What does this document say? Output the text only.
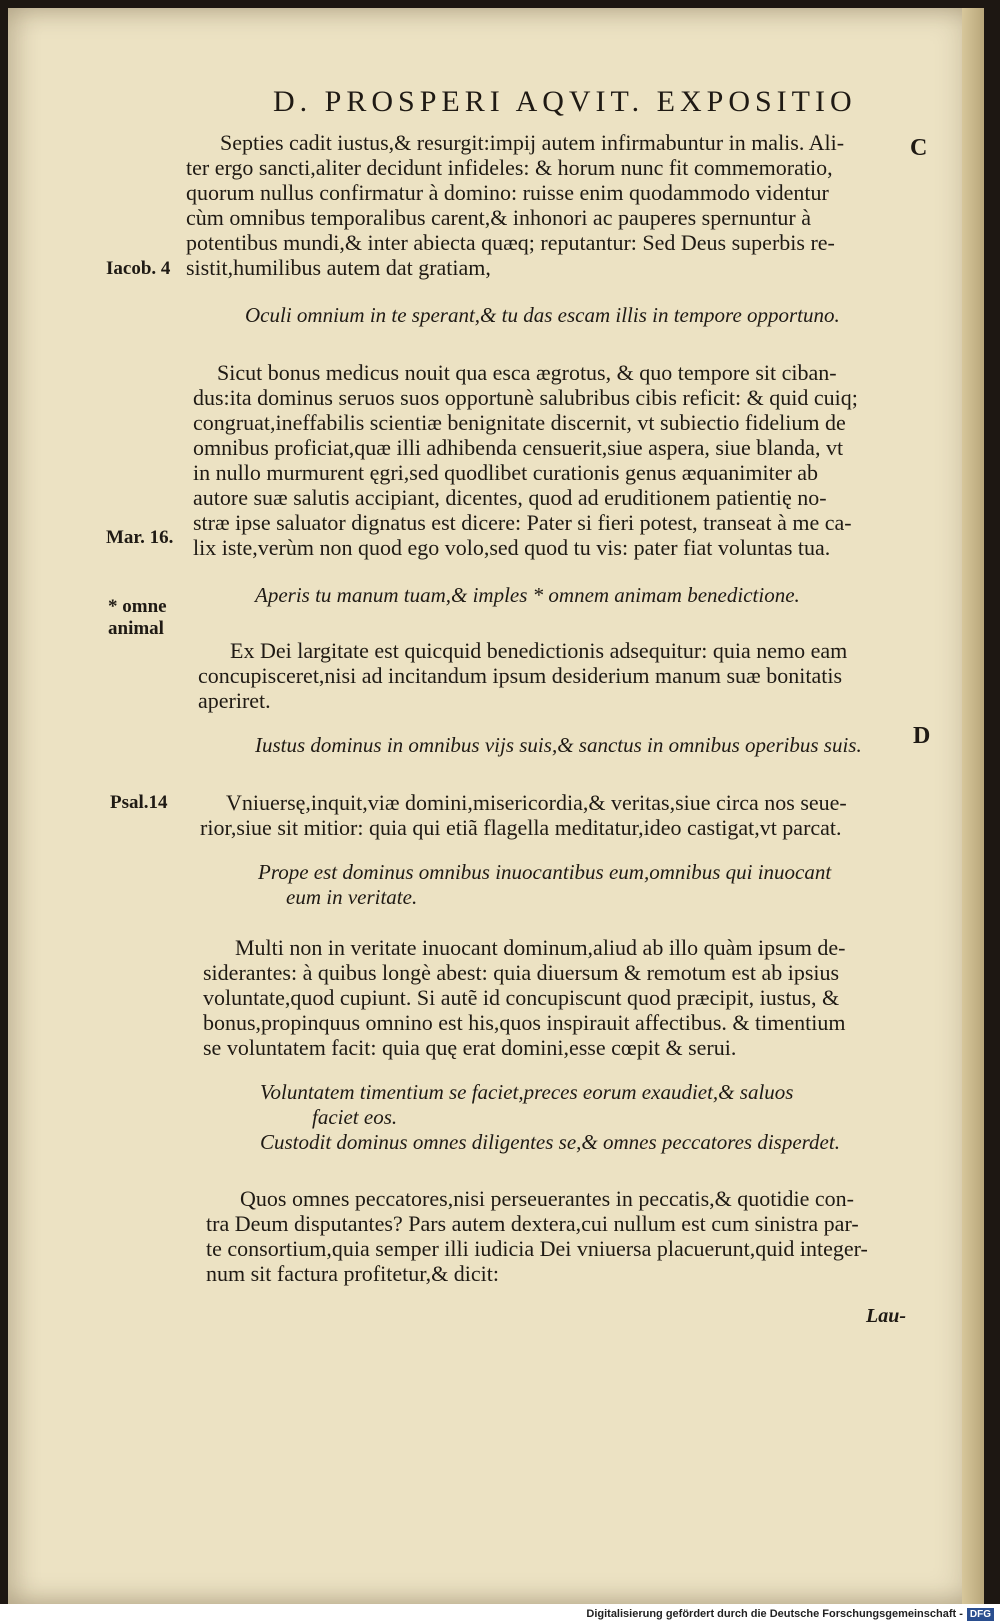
D. PROSPERI AQVIT. EXPOSITIO
C
D
Iacob. 4
Mar. 16.
* omne
animal
Psal.14
Septies cadit iustus,& resurgit:impij autem infirmabuntur in malis. Ali-
ter ergo sancti,aliter decidunt infideles: & horum nunc fit commemoratio,
quorum nullus confirmatur à domino: ruisse enim quodammodo videntur
cùm omnibus temporalibus carent,& inhonori ac pauperes spernuntur à
potentibus mundi,& inter abiecta quæq; reputantur: Sed Deus superbis re-
sistit,humilibus autem dat gratiam,
Oculi omnium in te sperant,& tu das escam illis in tempore opportuno.
Sicut bonus medicus nouit qua esca ægrotus, & quo tempore sit ciban-
dus:ita dominus seruos suos opportunè salubribus cibis reficit: & quid cuiq;
congruat,ineffabilis scientiæ benignitate discernit, vt subiectio fidelium de
omnibus proficiat,quæ illi adhibenda censuerit,siue aspera, siue blanda, vt
in nullo murmurent ęgri,sed quodlibet curationis genus æquanimiter ab
autore suæ salutis accipiant, dicentes, quod ad eruditionem patientię no-
stræ ipse saluator dignatus est dicere: Pater si fieri potest, transeat à me ca-
lix iste,verùm non quod ego volo,sed quod tu vis: pater fiat voluntas tua.
Aperis tu manum tuam,& imples * omnem animam benedictione.
Ex Dei largitate est quicquid benedictionis adsequitur: quia nemo eam
concupisceret,nisi ad incitandum ipsum desiderium manum suæ bonitatis
aperiret.
Iustus dominus in omnibus vijs suis,& sanctus in omnibus operibus suis.
Vniuersę,inquit,viæ domini,misericordia,& veritas,siue circa nos seue-
rior,siue sit mitior: quia qui etiã flagella meditatur,ideo castigat,vt parcat.
Prope est dominus omnibus inuocantibus eum,omnibus qui inuocant
eum in veritate.
Multi non in veritate inuocant dominum,aliud ab illo quàm ipsum de-
siderantes: à quibus longè abest: quia diuersum & remotum est ab ipsius
voluntate,quod cupiunt. Si autẽ id concupiscunt quod præcipit, iustus, &
bonus,propinquus omnino est his,quos inspirauit affectibus. & timentium
se voluntatem facit: quia quę erat domini,esse cœpit & serui.
Voluntatem timentium se faciet,preces eorum exaudiet,& saluos
faciet eos.
Custodit dominus omnes diligentes se,& omnes peccatores disperdet.
Quos omnes peccatores,nisi perseuerantes in peccatis,& quotidie con-
tra Deum disputantes? Pars autem dextera,cui nullum est cum sinistra par-
te consortium,quia semper illi iudicia Dei vniuersa placuerunt,quid integer-
num sit factura profitetur,& dicit:
Lau-
Digitalisierung gefördert durch die Deutsche Forschungsgemeinschaft - DFG
